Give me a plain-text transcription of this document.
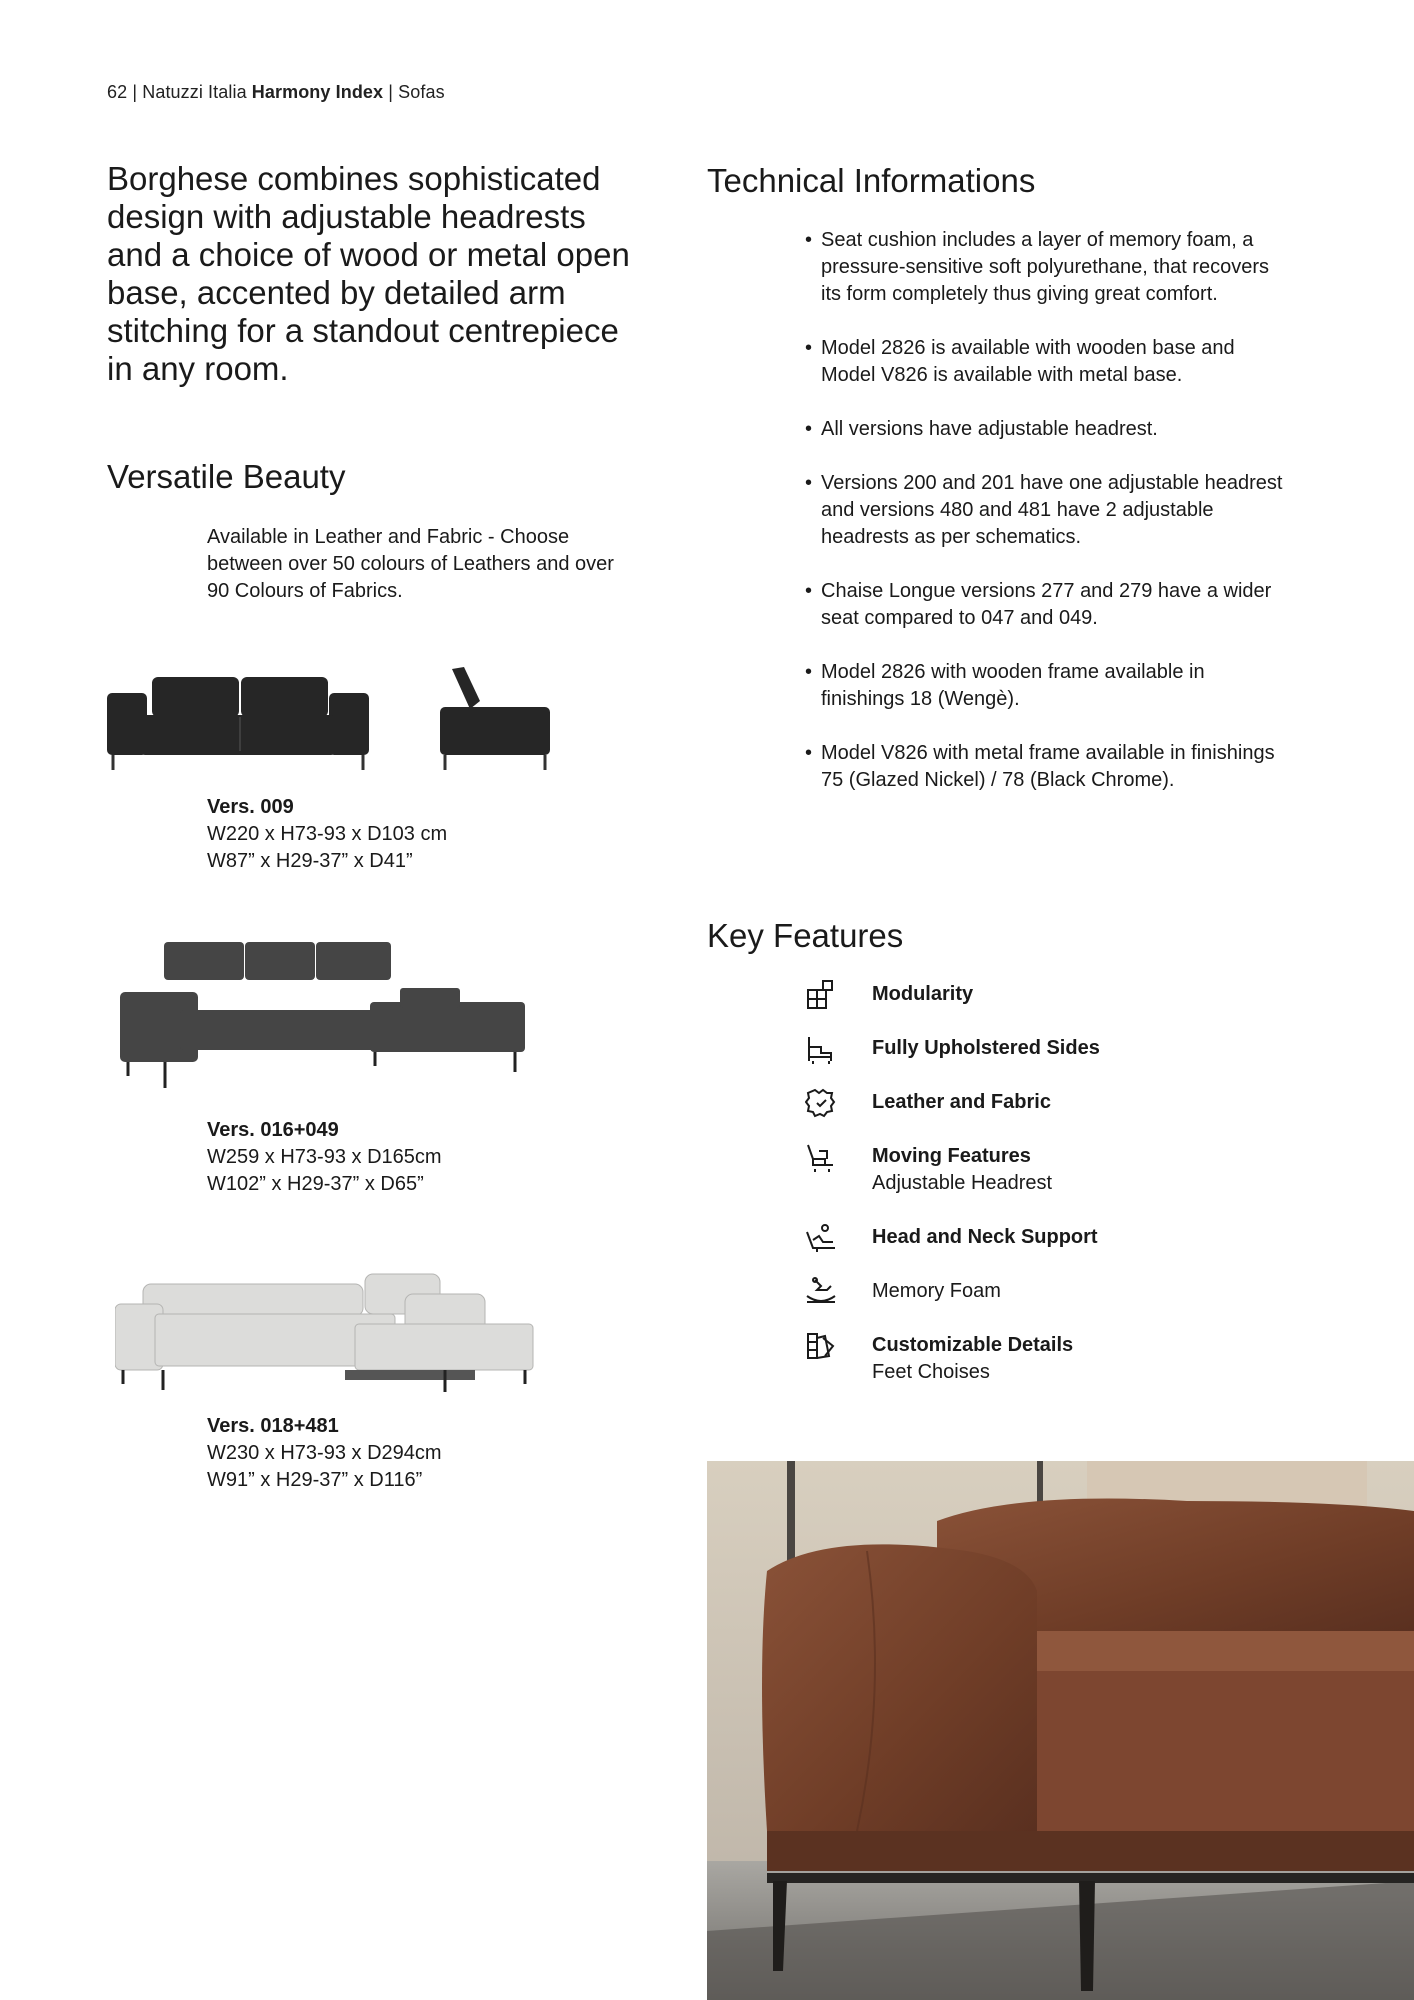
62 | Natuzzi Italia Harmony Index | Sofas
Borghese combines sophisticated design with adjustable headrests and a choice of wood or metal open base, accented by detailed arm stitching for a standout centrepiece in any room.
Versatile Beauty
Available in Leather and Fabric - Choose between over 50 colours of Leathers and over 90 Colours of Fabrics.
Vers. 009
W220 x H73-93 x D103 cm
W87” x H29-37” x D41”
Vers. 016+049
W259 x H73-93 x D165cm
W102” x H29-37” x D65”
Vers. 018+481
W230 x H73-93 x D294cm
W91” x H29-37” x D116”
Technical Informations
• Seat cushion includes a layer of memory foam, a pressure-sensitive soft polyurethane, that recovers its form completely thus giving great comfort.
• Model 2826 is available with wooden base and Model V826 is available with metal base.
• All versions have adjustable headrest.
• Versions 200 and 201 have one adjustable headrest and versions 480 and 481 have 2 adjustable headrests as per schematics.
• Chaise Longue versions 277 and 279 have a wider seat compared to 047 and 049.
• Model 2826 with wooden frame available in finishings 18 (Wengè).
• Model V826 with metal frame available in finishings 75 (Glazed Nickel) / 78 (Black Chrome).
Key Features
Modularity
Fully Upholstered Sides
Leather and Fabric
Moving Features
Adjustable Headrest
Head and Neck Support
Memory Foam
Customizable Details
Feet Choises
